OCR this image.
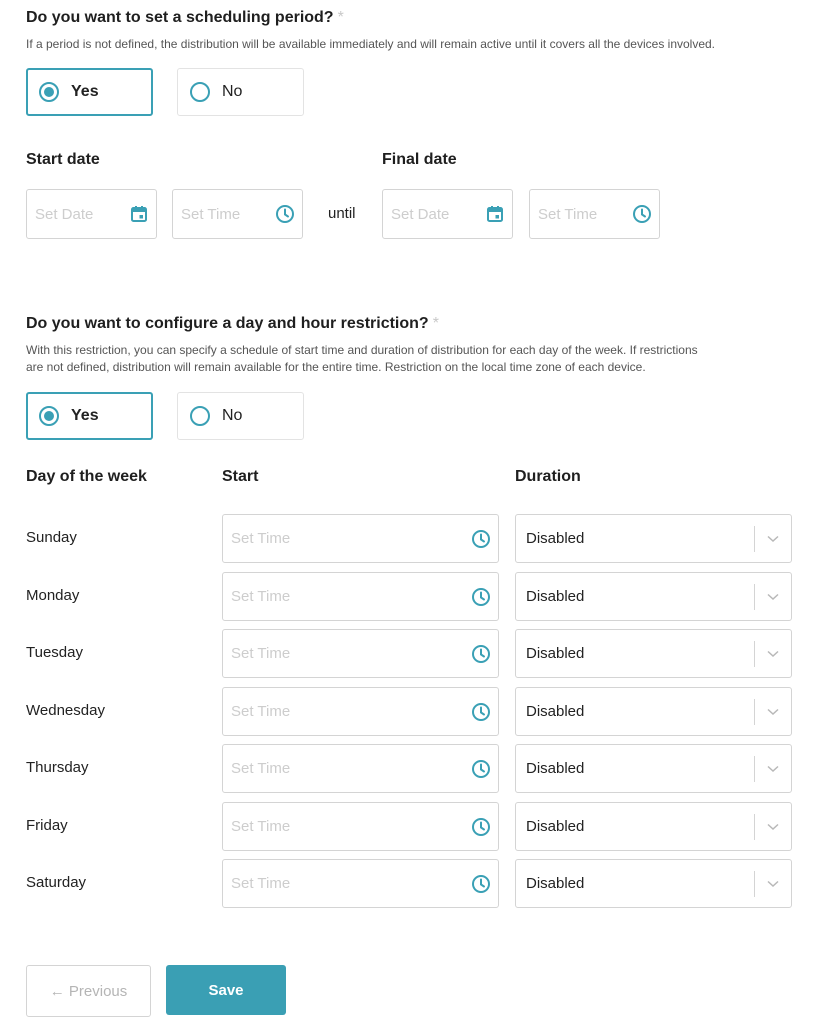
Do you want to set a scheduling period? *
If a period is not defined, the distribution will be available immediately and will remain active until it covers all the devices involved.
Yes	No
Start date	Final date
Set Date	Set Time	until Set Date	Set Time
Do you want to configure a day and hour restriction? *
With this restriction, you can specify a schedule of start time and duration of distribution for each day of the week. If restrictions
are not defined, distribution will remain available for the entire time. Restriction on the local time zone of each device.
Yes	No
Day of the week	Start	Duration
Sunday	Set Time	Disabled
Monday	Set Time	Disabled
Tuesday	Set Time	Disabled
Wednesday	Set Time	Disabled
Thursday	Set Time	Disabled
Friday	Set Time	Disabled
Saturday	Set Time	Disabled
← Previous	Save
